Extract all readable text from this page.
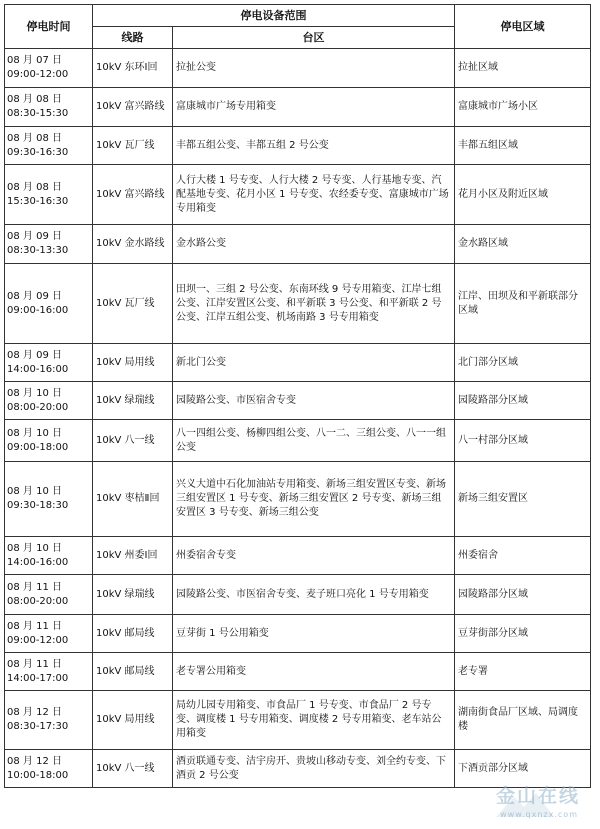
停电时间	停电设备范围		停电区域
	线路	台区	

08 月 07 日
09:00-12:00	10kV 东环Ⅰ回	拉扯公变	拉扯区域

08 月 08 日
08:30-15:30	10kV 富兴路线	富康城市广场专用箱变	富康城市广场小区

08 月 08 日
09:30-16:30	10kV 瓦厂线	丰都五组公变、丰都五组 2 号公变	丰都五组区域

08 月 08 日
15:30-16:30	10kV 富兴路线	人行大楼 1 号专变、人行大楼 2 号专变、人行基地专变、汽配基地专变、花月小区 1 号专变、农经委专变、富康城市广场专用箱变	花月小区及附近区域

08 月 09 日
08:30-13:30	10kV 金水路线	金水路公变	金水路区域

08 月 09 日
09:00-16:00	10kV 瓦厂线	田坝一、三组 2 号公变、东南环线 9 号专用箱变、江岸七组公变、江岸安置区公变、和平新联 3 号公变、和平新联 2 号公变、江岸五组公变、机场南路 3 号专用箱变	江岸、田坝及和平新联部分区域

08 月 09 日
14:00-16:00	10kV 局用线	新北门公变	北门部分区域

08 月 10 日
08:00-20:00	10kV 绿瑞线	园陵路公变、市医宿舍专变	园陵路部分区域

08 月 10 日
09:00-18:00	10kV 八一线	八一四组公变、杨柳四组公变、八一二、三组公变、八一一组公变	八一村部分区域

08 月 10 日
09:30-18:30	10kV 枣桔Ⅱ回	兴义大道中石化加油站专用箱变、新场三组安置区专变、新场三组安置区 1 号专变、新场三组安置区 2 号专变、新场三组安置区 3 号专变、新场三组公变	新场三组安置区

08 月 10 日
14:00-16:00	10kV 州委Ⅰ回	州委宿舍专变	州委宿舍

08 月 11 日
08:00-20:00	10kV 绿瑞线	园陵路公变、市医宿舍专变、麦子班口亮化 1 号专用箱变	园陵路部分区域

08 月 11 日
09:00-12:00	10kV 邮局线	豆芽街 1 号公用箱变	豆芽街部分区域

08 月 11 日
14:00-17:00	10kV 邮局线	老专署公用箱变	老专署

08 月 12 日
08:30-17:30	10kV 局用线	局幼儿园专用箱变、市食品厂 1 号专变、市食品厂 2 号专变、调度楼 1 号专用箱变、调度楼 2 号专用箱变、老车站公用箱变	湖南街食品厂区域、局调度楼

08 月 12 日
10:00-18:00	10kV 八一线	酒贡联通专变、洁宇房开、贵坡山移动专变、刘全约专变、下酒贡 2 号公变	下酒贡部分区域
金山在线
www.qxnzx.com
